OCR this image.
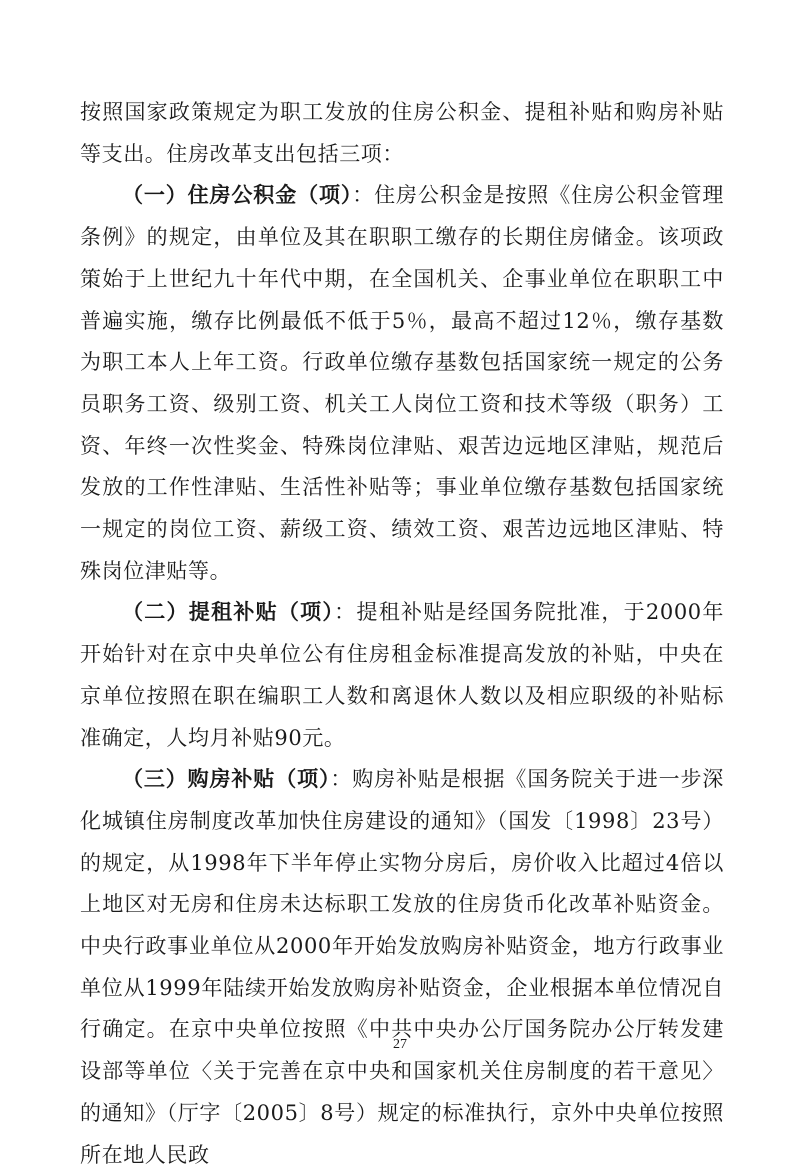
按照国家政策规定为职工发放的住房公积金、提租补贴和购房补贴等支出。住房改革支出包括三项：

（一）住房公积金（项）：住房公积金是按照《住房公积金管理条例》的规定，由单位及其在职职工缴存的长期住房储金。该项政策始于上世纪九十年代中期，在全国机关、企事业单位在职职工中普遍实施，缴存比例最低不低于5％，最高不超过12％，缴存基数为职工本人上年工资。行政单位缴存基数包括国家统一规定的公务员职务工资、级别工资、机关工人岗位工资和技术等级（职务）工资、年终一次性奖金、特殊岗位津贴、艰苦边远地区津贴，规范后发放的工作性津贴、生活性补贴等；事业单位缴存基数包括国家统一规定的岗位工资、薪级工资、绩效工资、艰苦边远地区津贴、特殊岗位津贴等。

（二）提租补贴（项）：提租补贴是经国务院批准，于2000年开始针对在京中央单位公有住房租金标准提高发放的补贴，中央在京单位按照在职在编职工人数和离退休人数以及相应职级的补贴标准确定，人均月补贴90元。

（三）购房补贴（项）：购房补贴是根据《国务院关于进一步深化城镇住房制度改革加快住房建设的通知》（国发〔1998〕23号）的规定，从1998年下半年停止实物分房后，房价收入比超过4倍以上地区对无房和住房未达标职工发放的住房货币化改革补贴资金。中央行政事业单位从2000年开始发放购房补贴资金，地方行政事业单位从1999年陆续开始发放购房补贴资金，企业根据本单位情况自行确定。在京中央单位按照《中共中央办公厅国务院办公厅转发建设部等单位〈关于完善在京中央和国家机关住房制度的若干意见〉的通知》（厅字〔2005〕8号）规定的标准执行，京外中央单位按照所在地人民政

27
